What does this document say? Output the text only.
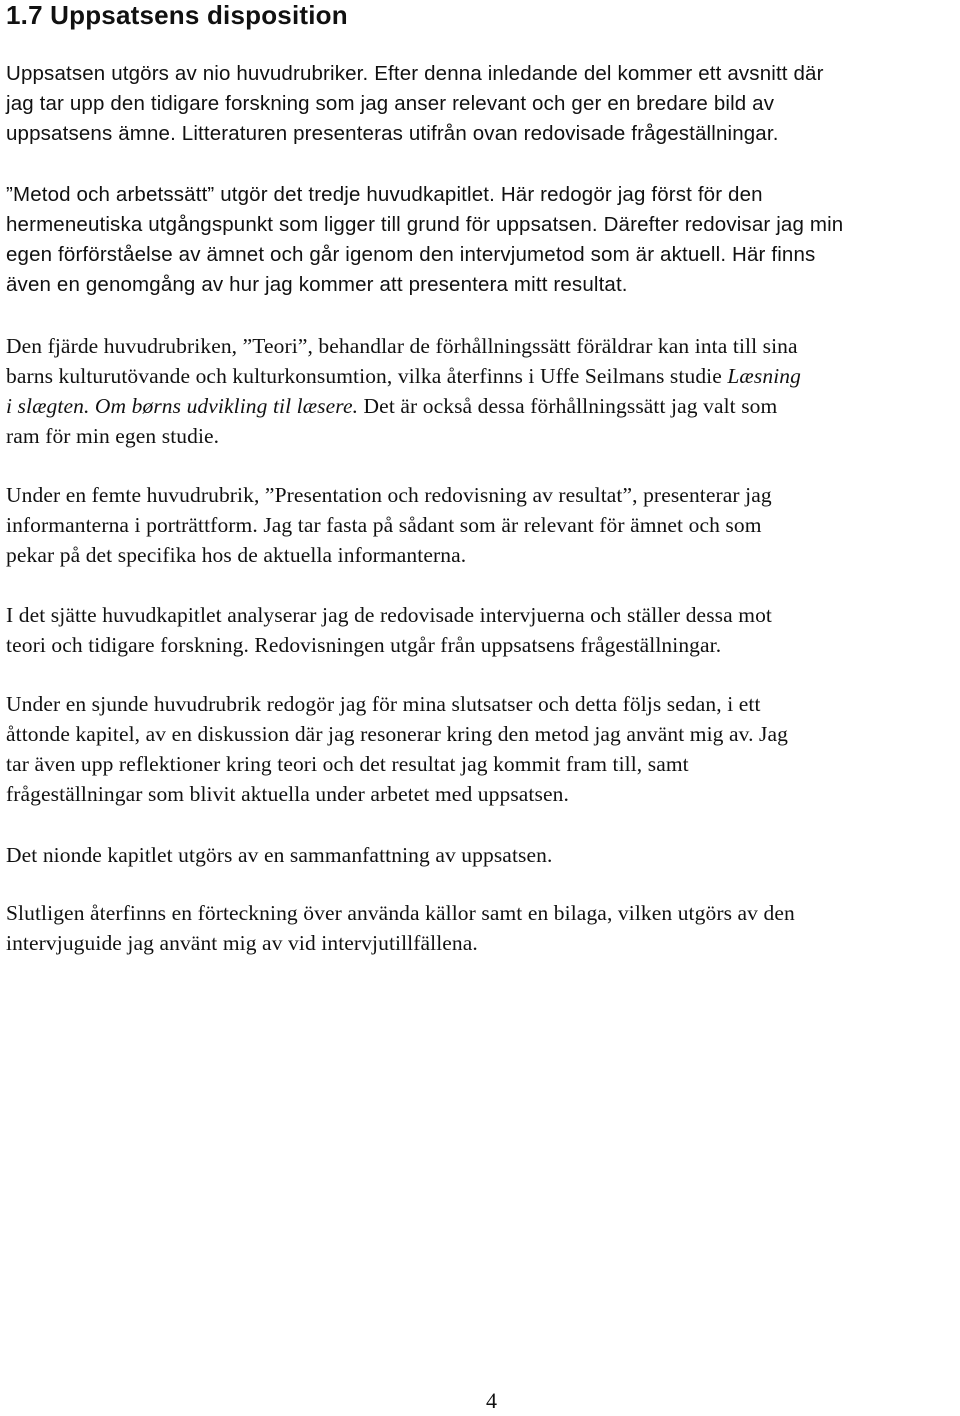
1.7 Uppsatsens disposition

Uppsatsen utgörs av nio huvudrubriker. Efter denna inledande del kommer ett avsnitt där
jag tar upp den tidigare forskning som jag anser relevant och ger en bredare bild av
uppsatsens ämne. Litteraturen presenteras utifrån ovan redovisade frågeställningar.

”Metod och arbetssätt” utgör det tredje huvudkapitlet. Här redogör jag först för den
hermeneutiska utgångspunkt som ligger till grund för uppsatsen. Därefter redovisar jag min
egen förförståelse av ämnet och går igenom den intervjumetod som är aktuell. Här finns
även en genomgång av hur jag kommer att presentera mitt resultat.

Den fjärde huvudrubriken, ”Teori”, behandlar de förhållningssätt föräldrar kan inta till sina
barns kulturutövande och kulturkonsumtion, vilka återfinns i Uffe Seilmans studie Læsning
i slægten. Om børns udvikling til læsere. Det är också dessa förhållningssätt jag valt som
ram för min egen studie.

Under en femte huvudrubrik, ”Presentation och redovisning av resultat”, presenterar jag
informanterna i porträttform. Jag tar fasta på sådant som är relevant för ämnet och som
pekar på det specifika hos de aktuella informanterna.

I det sjätte huvudkapitlet analyserar jag de redovisade intervjuerna och ställer dessa mot
teori och tidigare forskning. Redovisningen utgår från uppsatsens frågeställningar.

Under en sjunde huvudrubrik redogör jag för mina slutsatser och detta följs sedan, i ett
åttonde kapitel, av en diskussion där jag resonerar kring den metod jag använt mig av. Jag
tar även upp reflektioner kring teori och det resultat jag kommit fram till, samt
frågeställningar som blivit aktuella under arbetet med uppsatsen.

Det nionde kapitlet utgörs av en sammanfattning av uppsatsen.

Slutligen återfinns en förteckning över använda källor samt en bilaga, vilken utgörs av den
intervjuguide jag använt mig av vid intervjutillfällena.

4
